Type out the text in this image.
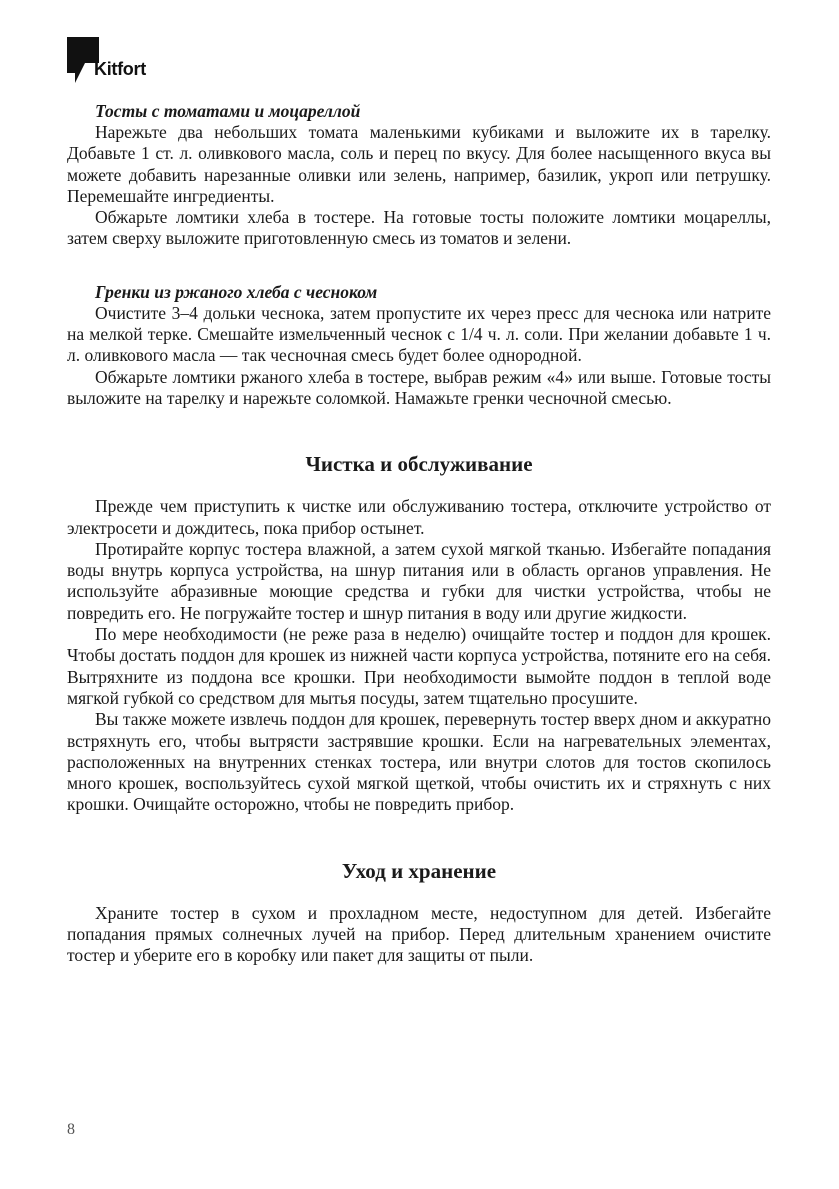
Kitfort
Тосты с томатами и моцареллой

Нарежьте два небольших томата маленькими кубиками и выложите их в тарелку. Добавьте 1 ст. л. оливкового масла, соль и перец по вкусу. Для более насыщенного вкуса вы можете добавить нарезанные оливки или зелень, например, базилик, укроп или петрушку. Перемешайте ингредиенты.

Обжарьте ломтики хлеба в тостере. На готовые тосты положите ломтики моцареллы, затем сверху выложите приготовленную смесь из томатов и зелени.

Гренки из ржаного хлеба с чесноком

Очистите 3–4 дольки чеснока, затем пропустите их через пресс для чеснока или натрите на мелкой терке. Смешайте измельченный чеснок с 1/4 ч. л. соли. При желании добавьте 1 ч. л. оливкового масла — так чесночная смесь будет более однородной.

Обжарьте ломтики ржаного хлеба в тостере, выбрав режим «4» или выше. Готовые тосты выложите на тарелку и нарежьте соломкой. Намажьте гренки чесночной смесью.

Чистка и обслуживание

Прежде чем приступить к чистке или обслуживанию тостера, отключите устройство от электросети и дождитесь, пока прибор остынет.

Протирайте корпус тостера влажной, а затем сухой мягкой тканью. Избегайте попадания воды внутрь корпуса устройства, на шнур питания или в область органов управления. Не используйте абразивные моющие средства и губки для чистки устройства, чтобы не повредить его. Не погружайте тостер и шнур питания в воду или другие жидкости.

По мере необходимости (не реже раза в неделю) очищайте тостер и поддон для крошек. Чтобы достать поддон для крошек из нижней части корпуса устройства, потяните его на себя. Вытряхните из поддона все крошки. При необходимости вымойте поддон в теплой воде мягкой губкой со средством для мытья посуды, затем тщательно просушите.

Вы также можете извлечь поддон для крошек, перевернуть тостер вверх дном и аккуратно встряхнуть его, чтобы вытрясти застрявшие крошки. Если на нагревательных элементах, расположенных на внутренних стенках тостера, или внутри слотов для тостов скопилось много крошек, воспользуйтесь сухой мягкой щеткой, чтобы очистить их и стряхнуть с них крошки. Очищайте осторожно, чтобы не повредить прибор.

Уход и хранение

Храните тостер в сухом и прохладном месте, недоступном для детей. Избегайте попадания прямых солнечных лучей на прибор. Перед длительным хранением очистите тостер и уберите его в коробку или пакет для защиты от пыли.

8
